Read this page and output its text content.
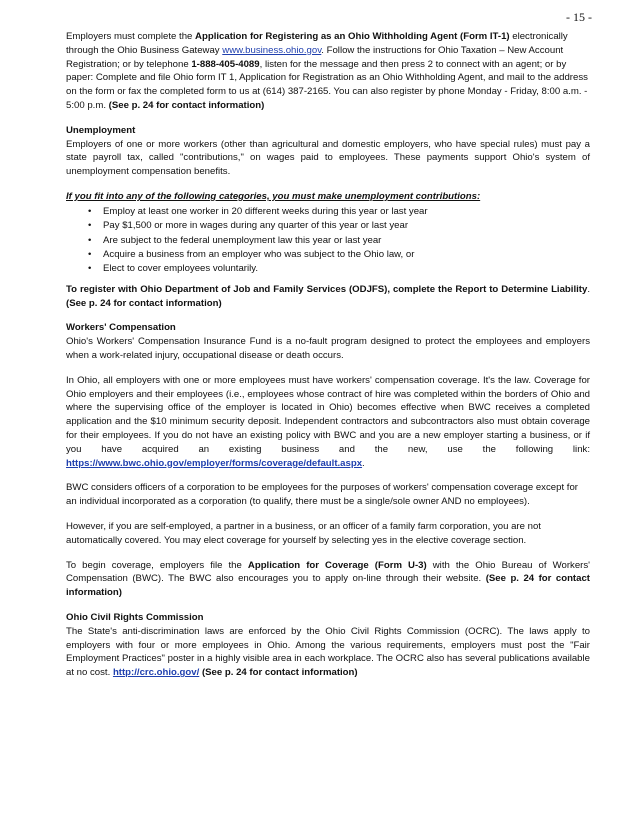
- 15 -

Employers must complete the Application for Registering as an Ohio Withholding Agent (Form IT-1) electronically through the Ohio Business Gateway www.business.ohio.gov. Follow the instructions for Ohio Taxation – New Account Registration; or by telephone 1-888-405-4089, listen for the message and then press 2 to connect with an agent; or by paper: Complete and file Ohio form IT 1, Application for Registration as an Ohio Withholding Agent, and mail to the address on the form or fax the completed form to us at (614) 387-2165. You can also register by phone Monday - Friday, 8:00 a.m. - 5:00 p.m. (See p. 24 for contact information)

Unemployment
Employers of one or more workers (other than agricultural and domestic employers, who have special rules) must pay a state payroll tax, called "contributions," on wages paid to employees. These payments support Ohio's system of unemployment compensation benefits.

If you fit into any of the following categories, you must make unemployment contributions:
• Employ at least one worker in 20 different weeks during this year or last year
• Pay $1,500 or more in wages during any quarter of this year or last year
• Are subject to the federal unemployment law this year or last year
• Acquire a business from an employer who was subject to the Ohio law, or
• Elect to cover employees voluntarily.

To register with Ohio Department of Job and Family Services (ODJFS), complete the Report to Determine Liability. (See p. 24 for contact information)

Workers' Compensation
Ohio's Workers' Compensation Insurance Fund is a no-fault program designed to protect the employees and employers when a work-related injury, occupational disease or death occurs.

In Ohio, all employers with one or more employees must have workers' compensation coverage. It's the law. Coverage for Ohio employers and their employees (i.e., employees whose contract of hire was completed within the borders of Ohio and where the supervising office of the employer is located in Ohio) becomes effective when BWC receives a completed application and the $10 minimum security deposit. Independent contractors and subcontractors also must obtain coverage for their employees. If you do not have an existing policy with BWC and you are a new employer starting a business, or if you have acquired an existing business and the new, use the following link: https://www.bwc.ohio.gov/employer/forms/coverage/default.aspx.

BWC considers officers of a corporation to be employees for the purposes of workers' compensation coverage except for an individual incorporated as a corporation (to qualify, there must be a single/sole owner AND no employees).

However, if you are self-employed, a partner in a business, or an officer of a family farm corporation, you are not automatically covered. You may elect coverage for yourself by selecting yes in the elective coverage section.

To begin coverage, employers file the Application for Coverage (Form U-3) with the Ohio Bureau of Workers' Compensation (BWC). The BWC also encourages you to apply on-line through their website. (See p. 24 for contact information)

Ohio Civil Rights Commission
The State's anti-discrimination laws are enforced by the Ohio Civil Rights Commission (OCRC). The laws apply to employers with four or more employees in Ohio. Among the various requirements, employers must post the "Fair Employment Practices" poster in a highly visible area in each workplace. The OCRC also has several publications available at no cost. http://crc.ohio.gov/ (See p. 24 for contact information)
